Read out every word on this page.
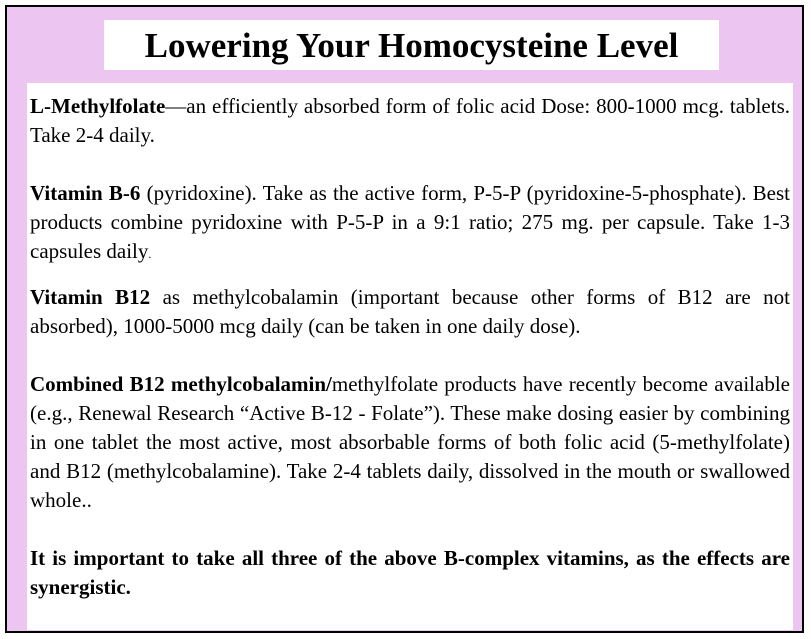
Lowering Your Homocysteine Level

L-Methylfolate—an efficiently absorbed form of folic acid Dose: 800-1000 mcg. tablets. Take 2-4 daily.

Vitamin B-6 (pyridoxine). Take as the active form, P-5-P (pyridoxine-5-phosphate). Best products combine pyridoxine with P-5-P in a 9:1 ratio; 275 mg. per capsule. Take 1-3 capsules daily.

Vitamin B12 as methylcobalamin (important because other forms of B12 are not absorbed), 1000-5000 mcg daily (can be taken in one daily dose).

Combined B12 methylcobalamin/methylfolate products have recently become available (e.g., Renewal Research “Active B-12 - Folate”). These make dosing easier by combining in one tablet the most active, most absorbable forms of both folic acid (5-methylfolate) and B12 (methylcobalamine). Take 2-4 tablets daily, dissolved in the mouth or swallowed whole..

It is important to take all three of the above B-complex vitamins, as the effects are synergistic.
